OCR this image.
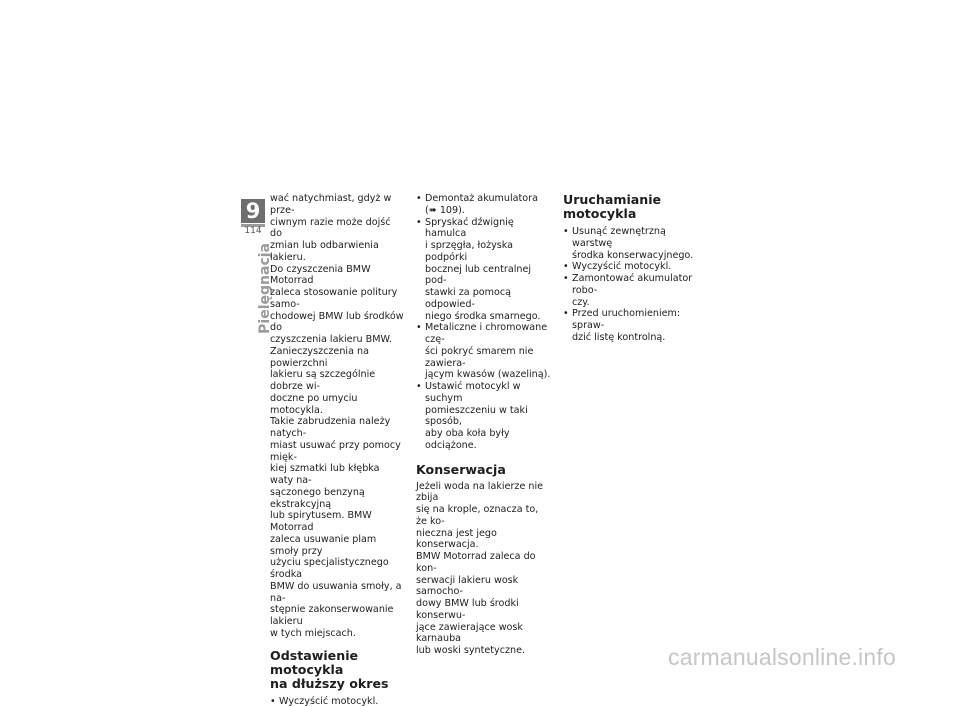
9
114
Pielęgnacja

wać natychmiast, gdyż w prze-
ciwnym razie może dojść do
zmian lub odbarwienia lakieru.

Do czyszczenia BMW Motorrad
zaleca stosowanie politury samo-
chodowej BMW lub środków do
czyszczenia lakieru BMW.

Zanieczyszczenia na powierzchni
lakieru są szczególnie dobrze wi-
doczne po umyciu motocykla.

Takie zabrudzenia należy natych-
miast usuwać przy pomocy mięk-
kiej szmatki lub kłębka waty na-
sączonego benzyną ekstrakcyjną
lub spirytusem. BMW Motorrad
zaleca usuwanie plam smoły przy
użyciu specjalistycznego środka
BMW do usuwania smoły, a na-
stępnie zakonserwowanie lakieru
w tych miejscach.

Odstawienie motocykla
na dłuższy okres
• Wyczyścić motocykl.
• Demontaż akumulatora
(➠ 109).
• Spryskać dźwignię hamulca
i sprzęgła, łożyska podpórki
bocznej lub centralnej pod-
stawki za pomocą odpowied-
niego środka smarnego.
• Metaliczne i chromowane czę-
ści pokryć smarem nie zawiera-
jącym kwasów (wazeliną).
• Ustawić motocykl w suchym
pomieszczeniu w taki sposób,
aby oba koła były odciążone.
Konserwacja

Jeżeli woda na lakierze nie zbija
się na krople, oznacza to, że ko-
nieczna jest jego konserwacja.
BMW Motorrad zaleca do kon-
serwacji lakieru wosk samocho-
dowy BMW lub środki konserwu-
jące zawierające wosk karnauba
lub woski syntetyczne.

Uruchamianie
motocykla
• Usunąć zewnętrzną warstwę
środka konserwacyjnego.
• Wyczyścić motocykl.
• Zamontować akumulator robo-
czy.
• Przed uruchomieniem: spraw-
dzić listę kontrolną.
carmanualsonline.info
